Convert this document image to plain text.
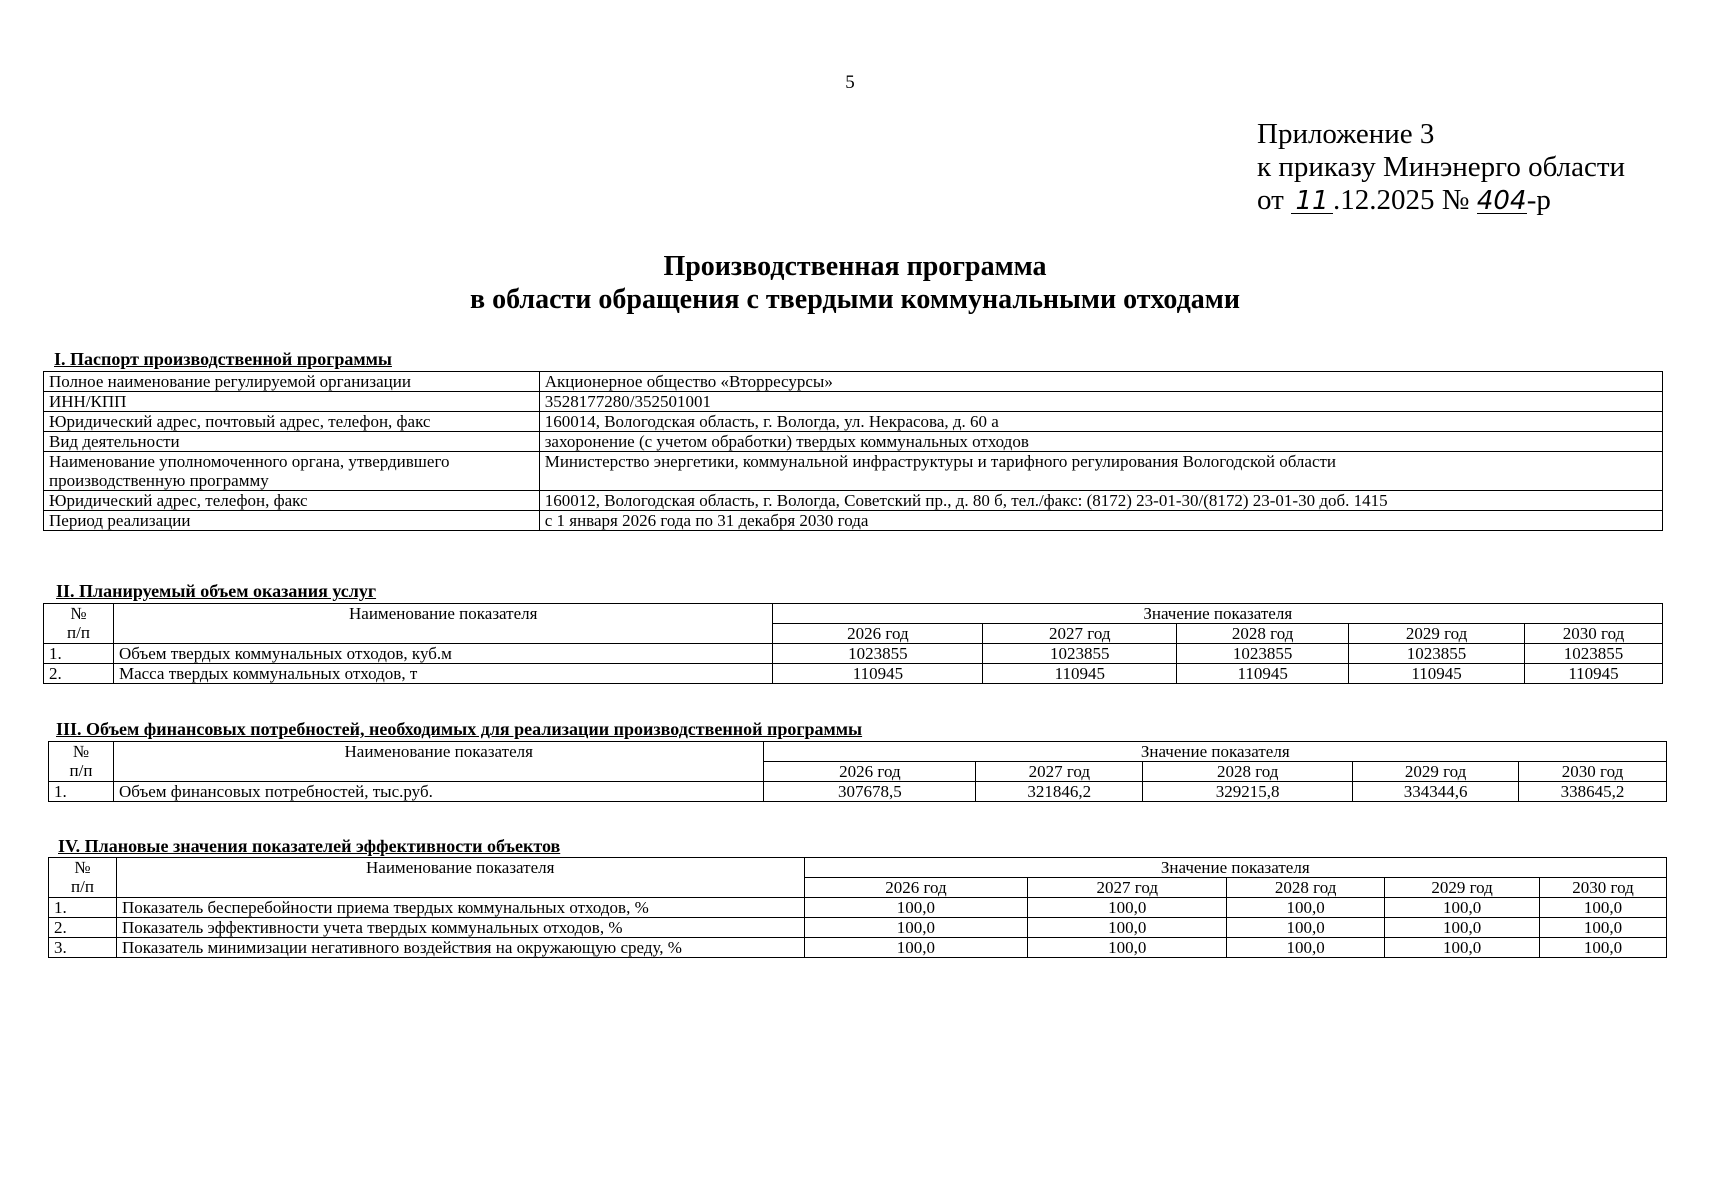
5
Приложение 3
к приказу Минэнерго области
от 11 .12.2025 № 404-р
Производственная программа
в области обращения с твердыми коммунальными отходами
I. Паспорт производственной программы
Полное наименование регулируемой организации	Акционерное общество «Вторресурсы»
ИНН/КПП	3528177280/352501001
Юридический адрес, почтовый адрес, телефон, факс	160014, Вологодская область, г. Вологда, ул. Некрасова, д. 60 а
Вид деятельности	захоронение (с учетом обработки) твердых коммунальных отходов
Наименование уполномоченного органа, утвердившего производственную программу	Министерство энергетики, коммунальной инфраструктуры и тарифного регулирования Вологодской области
Юридический адрес, телефон, факс	160012, Вологодская область, г. Вологда, Советский пр., д. 80 б, тел./факс: (8172) 23-01-30/(8172) 23-01-30 доб. 1415
Период реализации	с 1 января 2026 года по 31 декабря 2030 года
II. Планируемый объем оказания услуг
№
п/п	Наименование показателя	Значение показателя				
		2026 год	2027 год	2028 год	2029 год	2030 год
1.	Объем твердых коммунальных отходов, куб.м	1023855	1023855	1023855	1023855	1023855
2.	Масса твердых коммунальных отходов, т	110945	110945	110945	110945	110945
III. Объем финансовых потребностей, необходимых для реализации производственной программы
№
п/п	Наименование показателя	Значение показателя				
		2026 год	2027 год	2028 год	2029 год	2030 год
1.	Объем финансовых потребностей, тыс.руб.	307678,5	321846,2	329215,8	334344,6	338645,2
IV. Плановые значения показателей эффективности объектов
№
п/п	Наименование показателя	Значение показателя				
		2026 год	2027 год	2028 год	2029 год	2030 год
1.	Показатель бесперебойности приема твердых коммунальных отходов, %	100,0	100,0	100,0	100,0	100,0
2.	Показатель эффективности учета твердых коммунальных отходов, %	100,0	100,0	100,0	100,0	100,0
3.	Показатель минимизации негативного воздействия на окружающую среду, %	100,0	100,0	100,0	100,0	100,0
